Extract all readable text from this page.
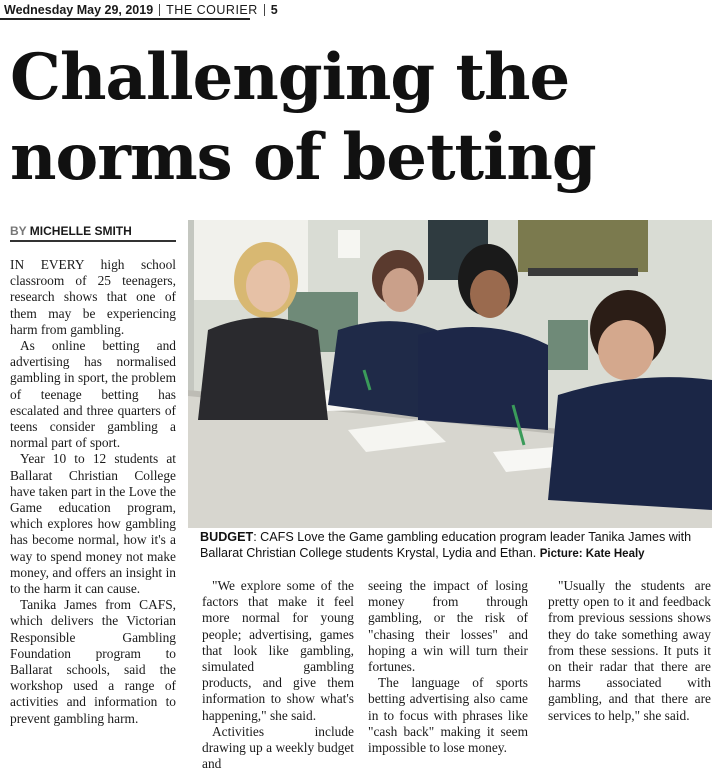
Wednesday May 29, 2019 THE COURIER 5
Challenging the
norms of betting
BY MICHELLE SMITH

IN EVERY high school classroom of 25 teenagers, research shows that one of them may be experiencing harm from gambling.

As online betting and advertising has normalised gambling in sport, the problem of teenage betting has escalated and three quarters of teens consider gambling a normal part of sport.

Year 10 to 12 students at Ballarat Christian College have taken part in the Love the Game education program, which explores how gambling has become normal, how it's a way to spend money not make money, and offers an insight in to the harm it can cause.

Tanika James from CAFS, which delivers the Victorian Responsible Gambling Foundation program to Ballarat schools, said the workshop used a range of activities and information to prevent gambling harm.

BUDGET: CAFS Love the Game gambling education program leader Tanika James with Ballarat Christian College students Krystal, Lydia and Ethan. Picture: Kate Healy

"We explore some of the factors that make it feel more normal for young people; advertising, games that look like gambling, simulated gambling products, and give them information to show what's happening," she said.

Activities include drawing up a weekly budget and

seeing the impact of losing money from through gambling, or the risk of "chasing their losses" and hoping a win will turn their fortunes.

The language of sports betting advertising also came in to focus with phrases like "cash back" making it seem impossible to lose money.

"Usually the students are pretty open to it and feedback from previous sessions shows they do take something away from these sessions. It puts it on their radar that there are harms associated with gambling, and that there are services to help," she said.
